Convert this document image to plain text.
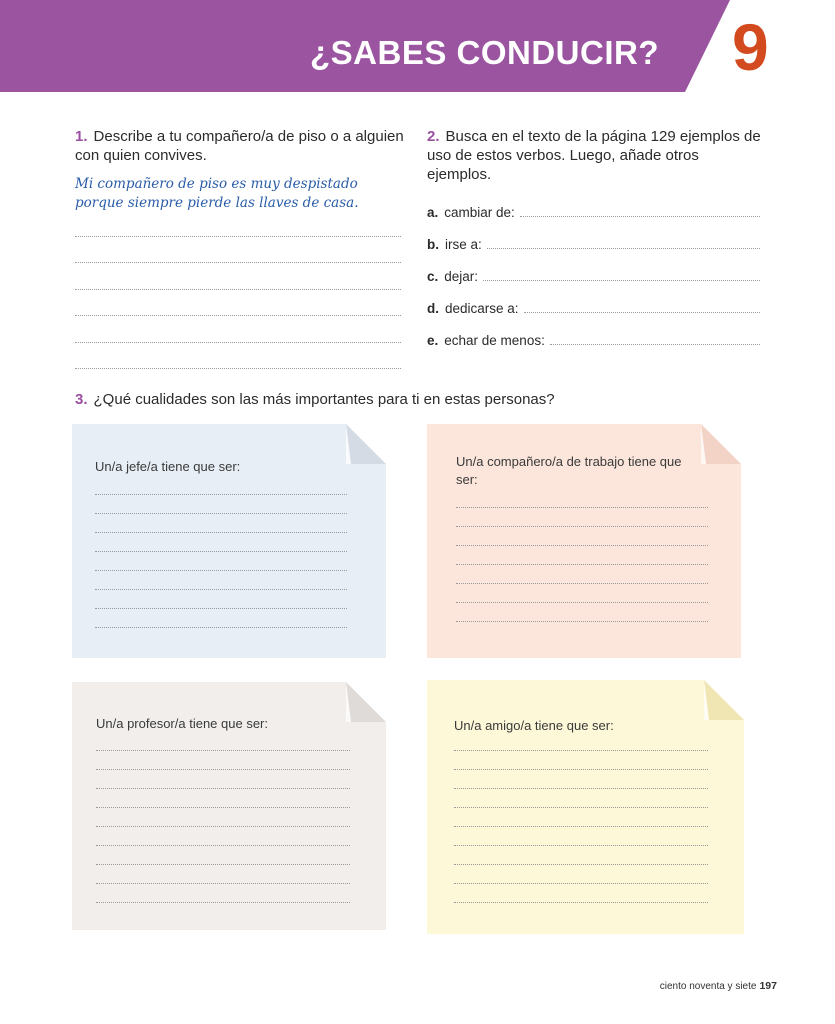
¿SABES CONDUCIR? 9
1. Describe a tu compañero/a de piso o a alguien con quien convives.
Mi compañero de piso es muy despistado porque siempre pierde las llaves de casa.
2. Busca en el texto de la página 129 ejemplos de uso de estos verbos. Luego, añade otros ejemplos.
a. cambiar de:
b. irse a:
c. dejar:
d. dedicarse a:
e. echar de menos:
3. ¿Qué cualidades son las más importantes para ti en estas personas?
Un/a jefe/a tiene que ser:	Un/a compañero/a de trabajo tiene que ser:
Un/a profesor/a tiene que ser:	Un/a amigo/a tiene que ser:
ciento noventa y siete 197
